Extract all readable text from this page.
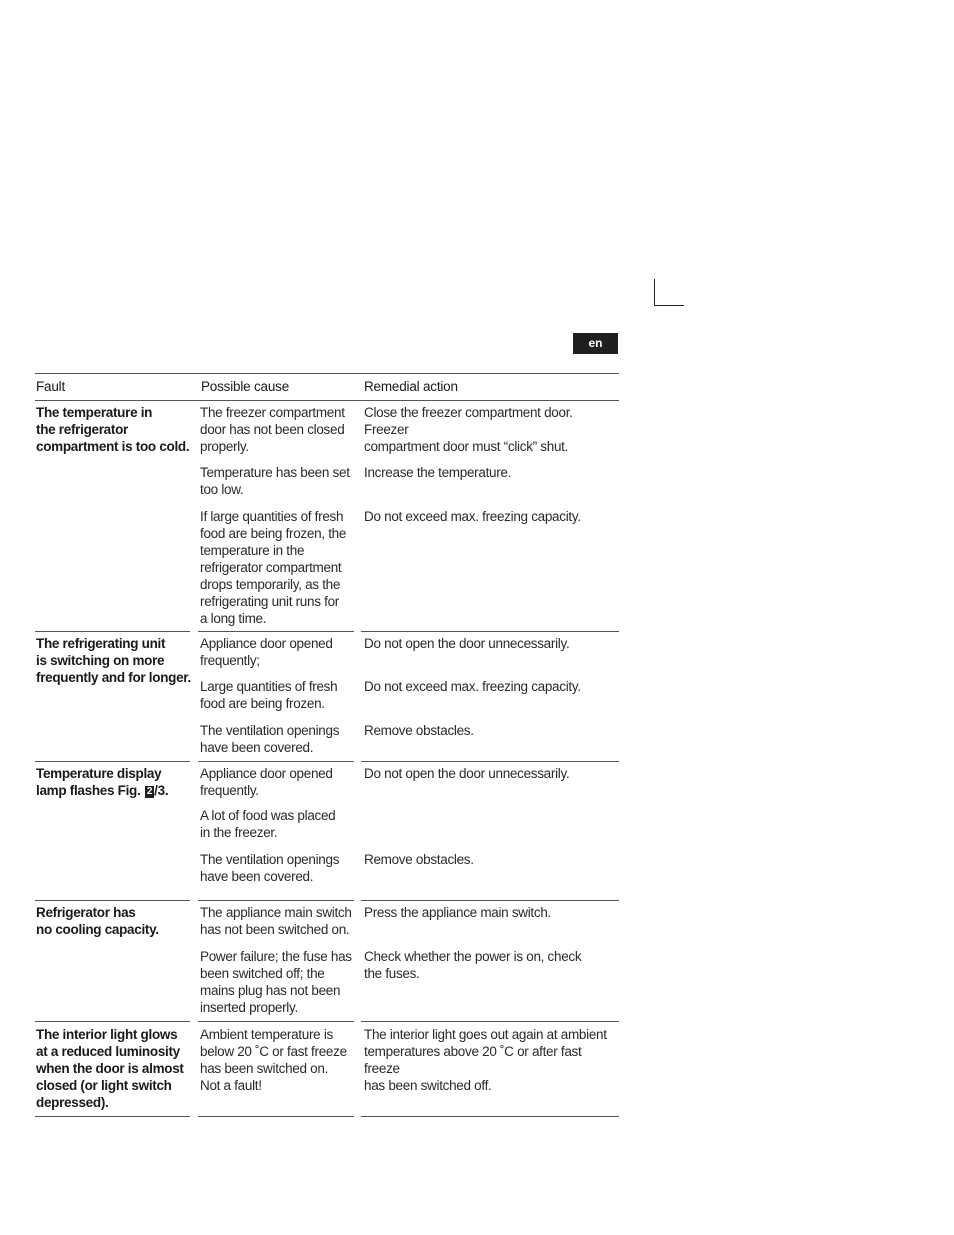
en
Fault	Possible cause	Remedial action
The temperature in
the refrigerator
compartment is too cold.
The freezer compartment
door has not been closed
properly.
Close the freezer compartment door. Freezer
compartment door must “click” shut.
Temperature has been set
too low.
Increase the temperature.
If large quantities of fresh
food are being frozen, the
temperature in the
refrigerator compartment
drops temporarily, as the
refrigerating unit runs for
a long time.
Do not exceed max. freezing capacity.
The refrigerating unit
is switching on more
frequently and for longer.
Appliance door opened
frequently;
Do not open the door unnecessarily.
Large quantities of fresh
food are being frozen.
Do not exceed max. freezing capacity.
The ventilation openings
have been covered.
Remove obstacles.
Temperature display
lamp flashes Fig. 2 /3.
Appliance door opened
frequently.
Do not open the door unnecessarily.
A lot of food was placed
in the freezer.
The ventilation openings
have been covered.
Remove obstacles.
Refrigerator has
no cooling capacity.
The appliance main switch
has not been switched on.
Press the appliance main switch.
Power failure; the fuse has
been switched off; the
mains plug has not been
inserted properly.
Check whether the power is on, check
the fuses.
The interior light glows
at a reduced luminosity
when the door is almost
closed (or light switch
depressed).
Ambient temperature is
below 20 ˚C or fast freeze
has been switched on.
Not a fault!
The interior light goes out again at ambient
temperatures above 20 ˚C or after fast freeze
has been switched off.
